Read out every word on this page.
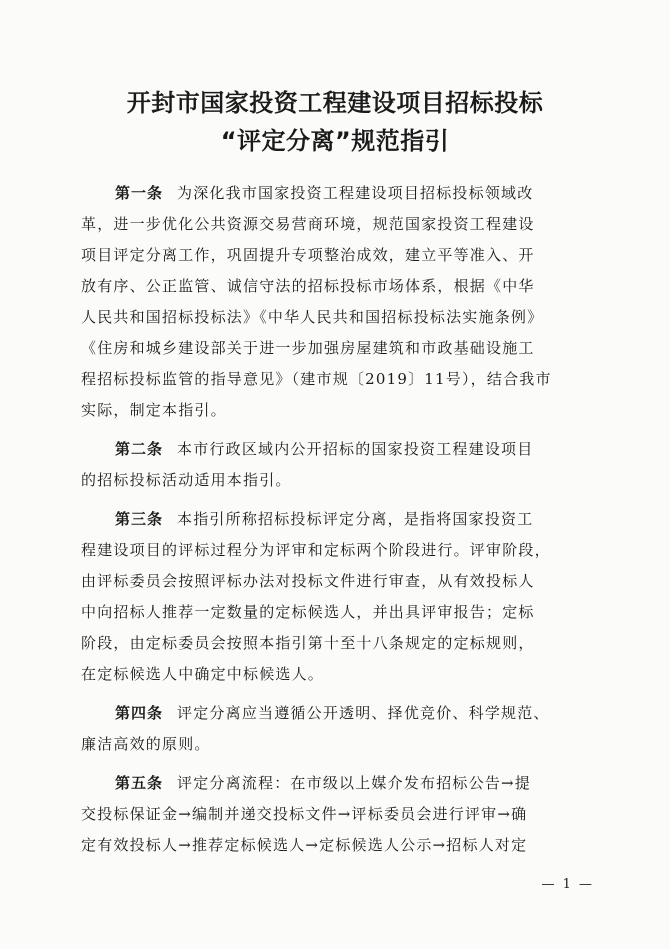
开封市国家投资工程建设项目招标投标
“评定分离”规范指引
第一条 为深化我市国家投资工程建设项目招标投标领域改
革，进一步优化公共资源交易营商环境，规范国家投资工程建设
项目评定分离工作，巩固提升专项整治成效，建立平等准入、开
放有序、公正监管、诚信守法的招标投标市场体系，根据《中华
人民共和国招标投标法》《中华人民共和国招标投标法实施条例》
《住房和城乡建设部关于进一步加强房屋建筑和市政基础设施工
程招标投标监管的指导意见》（建市规〔2019〕11号），结合我市
实际，制定本指引。
第二条 本市行政区域内公开招标的国家投资工程建设项目
的招标投标活动适用本指引。
第三条 本指引所称招标投标评定分离，是指将国家投资工
程建设项目的评标过程分为评审和定标两个阶段进行。评审阶段，
由评标委员会按照评标办法对投标文件进行审查，从有效投标人
中向招标人推荐一定数量的定标候选人，并出具评审报告；定标
阶段，由定标委员会按照本指引第十至十八条规定的定标规则，
在定标候选人中确定中标候选人。
第四条 评定分离应当遵循公开透明、择优竞价、科学规范、
廉洁高效的原则。
第五条 评定分离流程：在市级以上媒介发布招标公告→提
交投标保证金→编制并递交投标文件→评标委员会进行评审→确
定有效投标人→推荐定标候选人→定标候选人公示→招标人对定
— 1 —
